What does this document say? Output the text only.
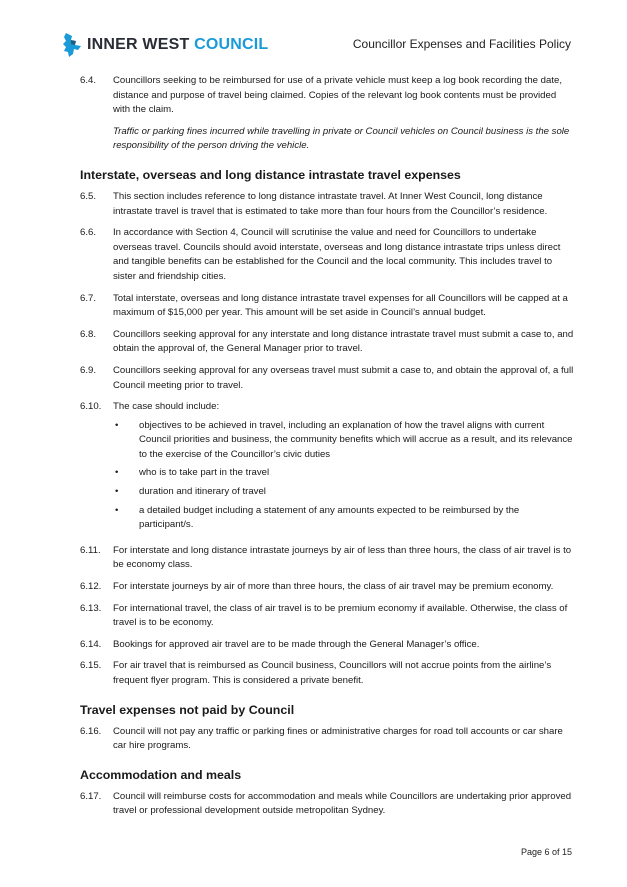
INNER WEST COUNCIL	Councillor Expenses and Facilities Policy
6.4.	Councillors seeking to be reimbursed for use of a private vehicle must keep a log book recording the date, distance and purpose of travel being claimed. Copies of the relevant log book contents must be provided with the claim.
Traffic or parking fines incurred while travelling in private or Council vehicles on Council business is the sole responsibility of the person driving the vehicle.
Interstate, overseas and long distance intrastate travel expenses
6.5.	This section includes reference to long distance intrastate travel. At Inner West Council, long distance intrastate travel is travel that is estimated to take more than four hours from the Councillor’s residence.
6.6.	In accordance with Section 4, Council will scrutinise the value and need for Councillors to undertake overseas travel. Councils should avoid interstate, overseas and long distance intrastate trips unless direct and tangible benefits can be established for the Council and the local community. This includes travel to sister and friendship cities.
6.7.	Total interstate, overseas and long distance intrastate travel expenses for all Councillors will be capped at a maximum of $15,000 per year. This amount will be set aside in Council’s annual budget.
6.8.	Councillors seeking approval for any interstate and long distance intrastate travel must submit a case to, and obtain the approval of, the General Manager prior to travel.
6.9.	Councillors seeking approval for any overseas travel must submit a case to, and obtain the approval of, a full Council meeting prior to travel.
6.10.	The case should include:
•	objectives to be achieved in travel, including an explanation of how the travel aligns with current Council priorities and business, the community benefits which will accrue as a result, and its relevance to the exercise of the Councillor’s civic duties
•	who is to take part in the travel
•	duration and itinerary of travel
•	a detailed budget including a statement of any amounts expected to be reimbursed by the participant/s.
6.11.	For interstate and long distance intrastate journeys by air of less than three hours, the class of air travel is to be economy class.
6.12.	For interstate journeys by air of more than three hours, the class of air travel may be premium economy.
6.13.	For international travel, the class of air travel is to be premium economy if available. Otherwise, the class of travel is to be economy.
6.14.	Bookings for approved air travel are to be made through the General Manager’s office.
6.15.	For air travel that is reimbursed as Council business, Councillors will not accrue points from the airline’s frequent flyer program. This is considered a private benefit.
Travel expenses not paid by Council
6.16.	Council will not pay any traffic or parking fines or administrative charges for road toll accounts or car share car hire programs.
Accommodation and meals
6.17.	Council will reimburse costs for accommodation and meals while Councillors are undertaking prior approved travel or professional development outside metropolitan Sydney.
Page 6 of 15
